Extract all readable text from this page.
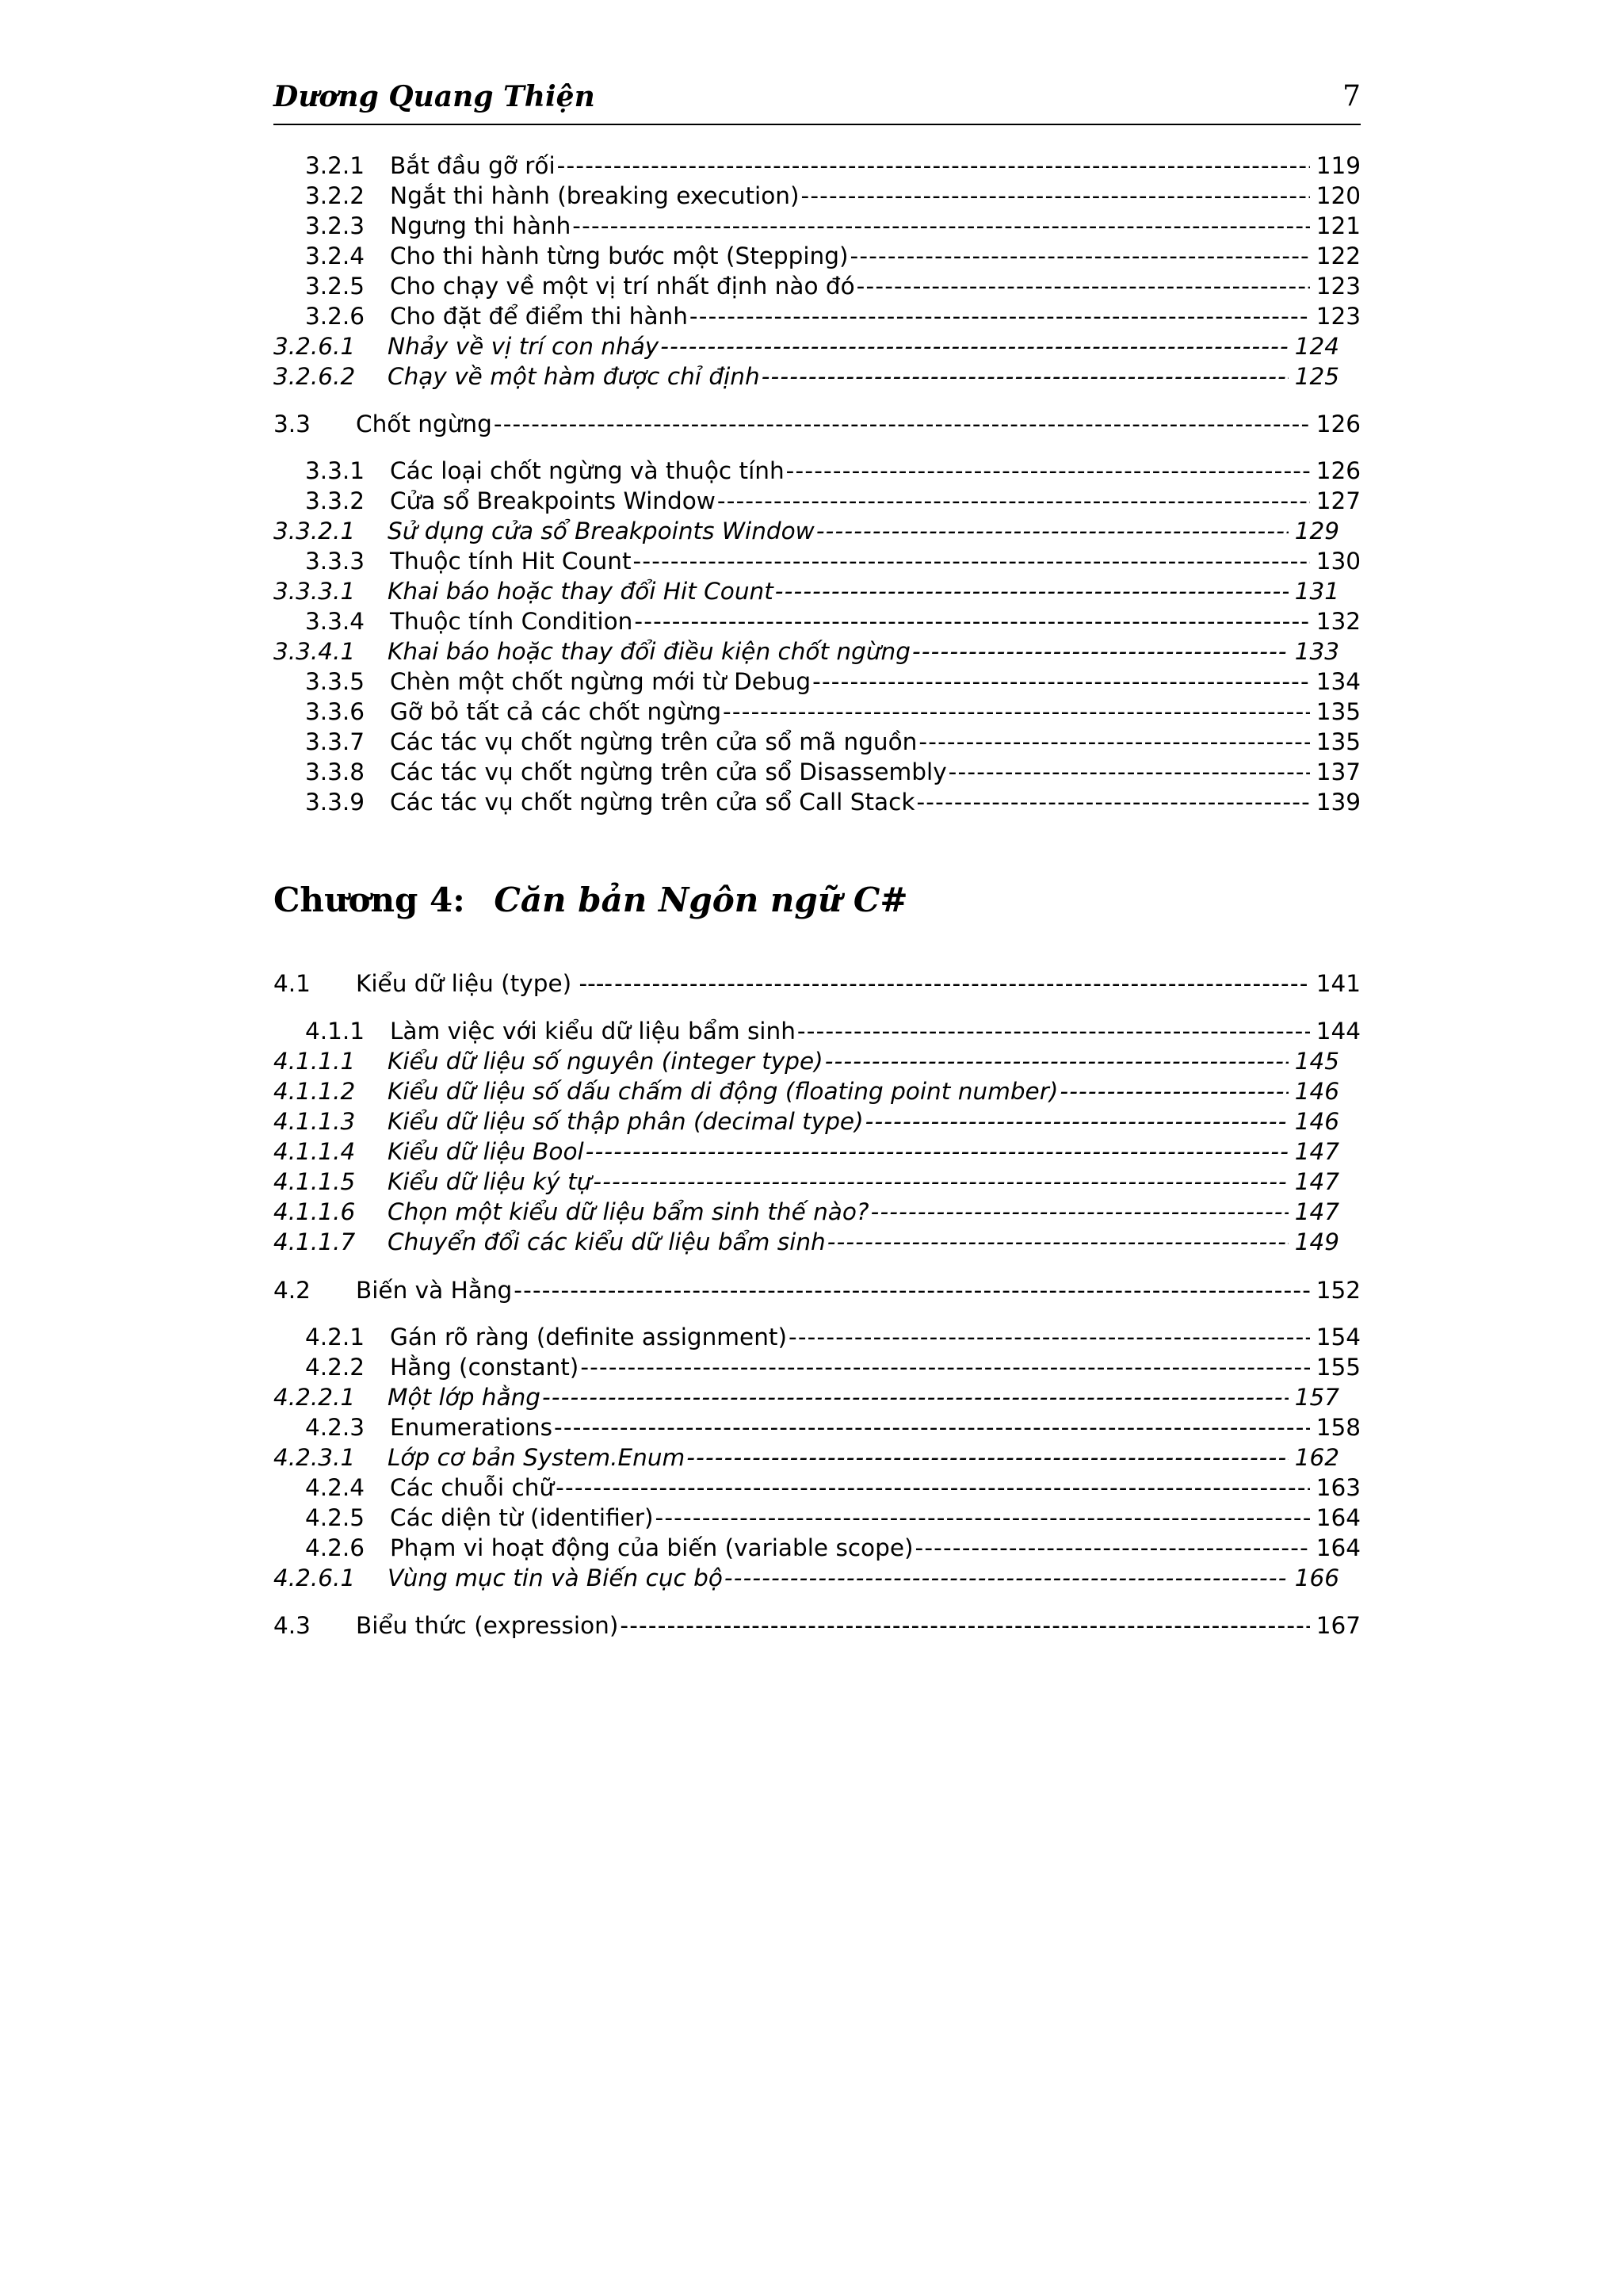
Dương Quang Thiện	7
3.2.1	Bắt đầu gỡ rối -----	119
3.2.2	Ngắt thi hành (breaking execution) -----	120
3.2.3	Ngưng thi hành -----	121
3.2.4	Cho thi hành từng bước một (Stepping) -----	122
3.2.5	Cho chạy về một vị trí nhất định nào đó -----	123
3.2.6	Cho đặt để điểm thi hành -----	123
3.2.6.1	Nhảy về vị trí con nháy -----	124
3.2.6.2	Chạy về một hàm được chỉ định -----	125
3.3	Chốt ngừng -----	126
3.3.1	Các loại chốt ngừng và thuộc tính -----	126
3.3.2	Cửa sổ Breakpoints Window -----	127
3.3.2.1	Sử dụng cửa sổ Breakpoints Window -----	129
3.3.3	Thuộc tính Hit Count -----	130
3.3.3.1	Khai báo hoặc thay đổi Hit Count -----	131
3.3.4	Thuộc tính Condition -----	132
3.3.4.1	Khai báo hoặc thay đổi điều kiện chốt ngừng -----	133
3.3.5	Chèn một chốt ngừng mới từ Debug -----	134
3.3.6	Gỡ bỏ tất cả các chốt ngừng -----	135
3.3.7	Các tác vụ chốt ngừng trên cửa sổ mã nguồn -----	135
3.3.8	Các tác vụ chốt ngừng trên cửa sổ Disassembly -----	137
3.3.9	Các tác vụ chốt ngừng trên cửa sổ Call Stack -----	139
Chương 4: Căn bản Ngôn ngữ C#
4.1	Kiểu dữ liệu (type) ---- -----	141
4.1.1	Làm việc với kiểu dữ liệu bẩm sinh -----	144
4.1.1.1	Kiểu dữ liệu số nguyên (integer type) -----	145
4.1.1.2	Kiểu dữ liệu số dấu chấm di động (floating point number) -----	146
4.1.1.3	Kiểu dữ liệu số thập phân (decimal type) -----	146
4.1.1.4	Kiểu dữ liệu Bool -----	147
4.1.1.5	Kiểu dữ liệu ký tự -----	147
4.1.1.6	Chọn một kiểu dữ liệu bẩm sinh thế nào? -----	147
4.1.1.7	Chuyển đổi các kiểu dữ liệu bẩm sinh -----	149
4.2	Biến và Hằng -----	152
4.2.1	Gán rõ ràng (definite assignment) -----	154
4.2.2	Hằng (constant) -----	155
4.2.2.1	Một lớp hằng -----	157
4.2.3	Enumerations -----	158
4.2.3.1	Lớp cơ bản System.Enum -----	162
4.2.4	Các chuỗi chữ -----	163
4.2.5	Các diện từ (identifier) -----	164
4.2.6	Phạm vi hoạt động của biến (variable scope) -----	164
4.2.6.1	Vùng mục tin và Biến cục bộ -----	166
4.3	Biểu thức (expression) -----	167
